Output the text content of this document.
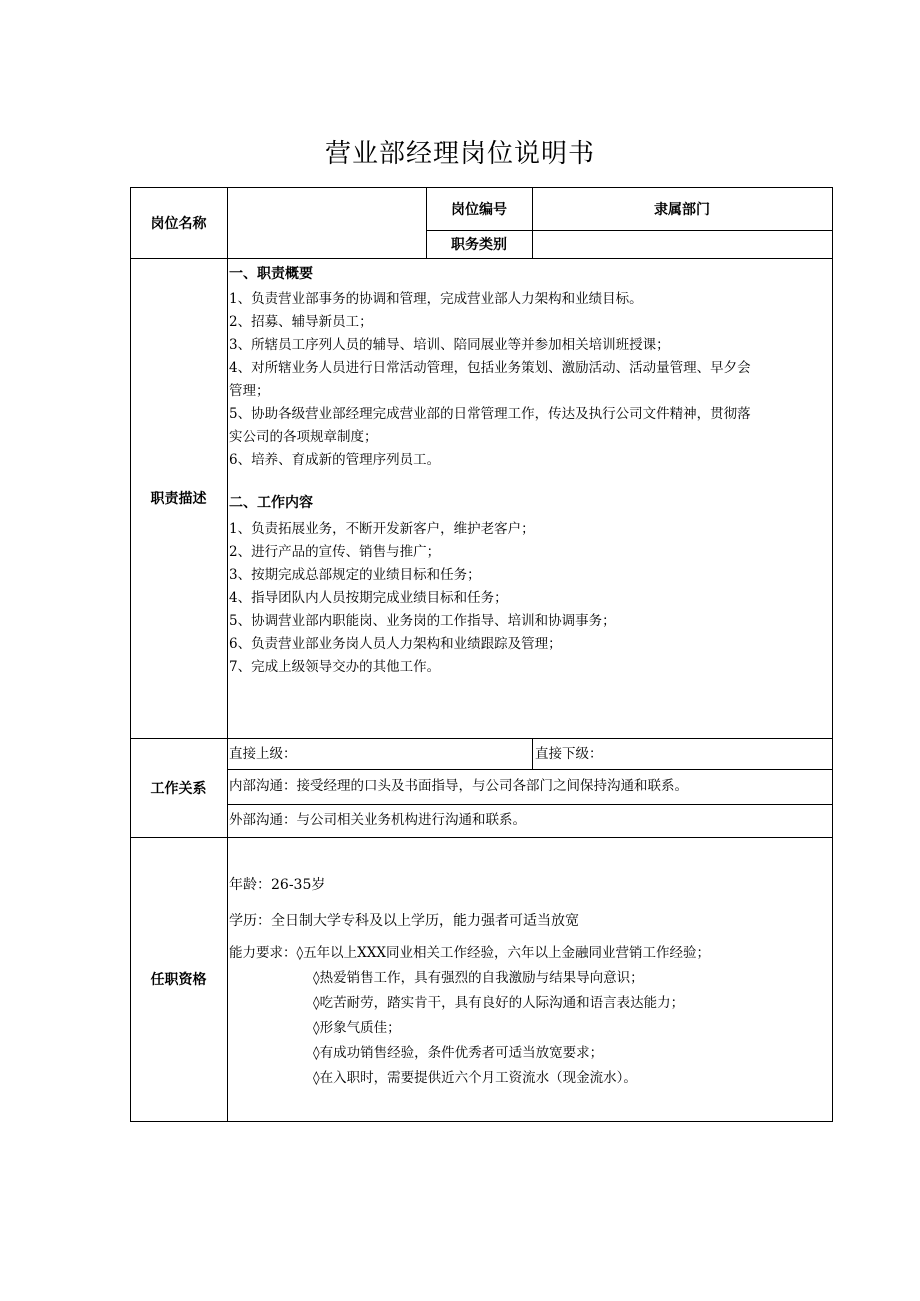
营业部经理岗位说明书
岗位名称
岗位编号	隶属部门
职务类别
职责描述
一、职责概要
1、负责营业部事务的协调和管理，完成营业部人力架构和业绩目标。
2、招募、辅导新员工；
3、所辖员工序列人员的辅导、培训、陪同展业等并参加相关培训班授课；
4、对所辖业务人员进行日常活动管理，包括业务策划、激励活动、活动量管理、早夕会
管理；
5、协助各级营业部经理完成营业部的日常管理工作，传达及执行公司文件精神，贯彻落
实公司的各项规章制度；
6、培养、育成新的管理序列员工。
二、工作内容
1、负责拓展业务，不断开发新客户，维护老客户；
2、进行产品的宣传、销售与推广；
3、按期完成总部规定的业绩目标和任务；
4、指导团队内人员按期完成业绩目标和任务；
5、协调营业部内职能岗、业务岗的工作指导、培训和协调事务；
6、负责营业部业务岗人员人力架构和业绩跟踪及管理；
7、完成上级领导交办的其他工作。
工作关系
直接上级：	直接下级：
内部沟通：接受经理的口头及书面指导，与公司各部门之间保持沟通和联系。
外部沟通：与公司相关业务机构进行沟通和联系。
任职资格
年龄：26-35岁
学历：全日制大学专科及以上学历，能力强者可适当放宽
能力要求：◊五年以上XXX同业相关工作经验，六年以上金融同业营销工作经验；
◊热爱销售工作，具有强烈的自我激励与结果导向意识；
◊吃苦耐劳，踏实肯干，具有良好的人际沟通和语言表达能力；
◊形象气质佳；
◊有成功销售经验，条件优秀者可适当放宽要求；
◊在入职时，需要提供近六个月工资流水（现金流水）。
